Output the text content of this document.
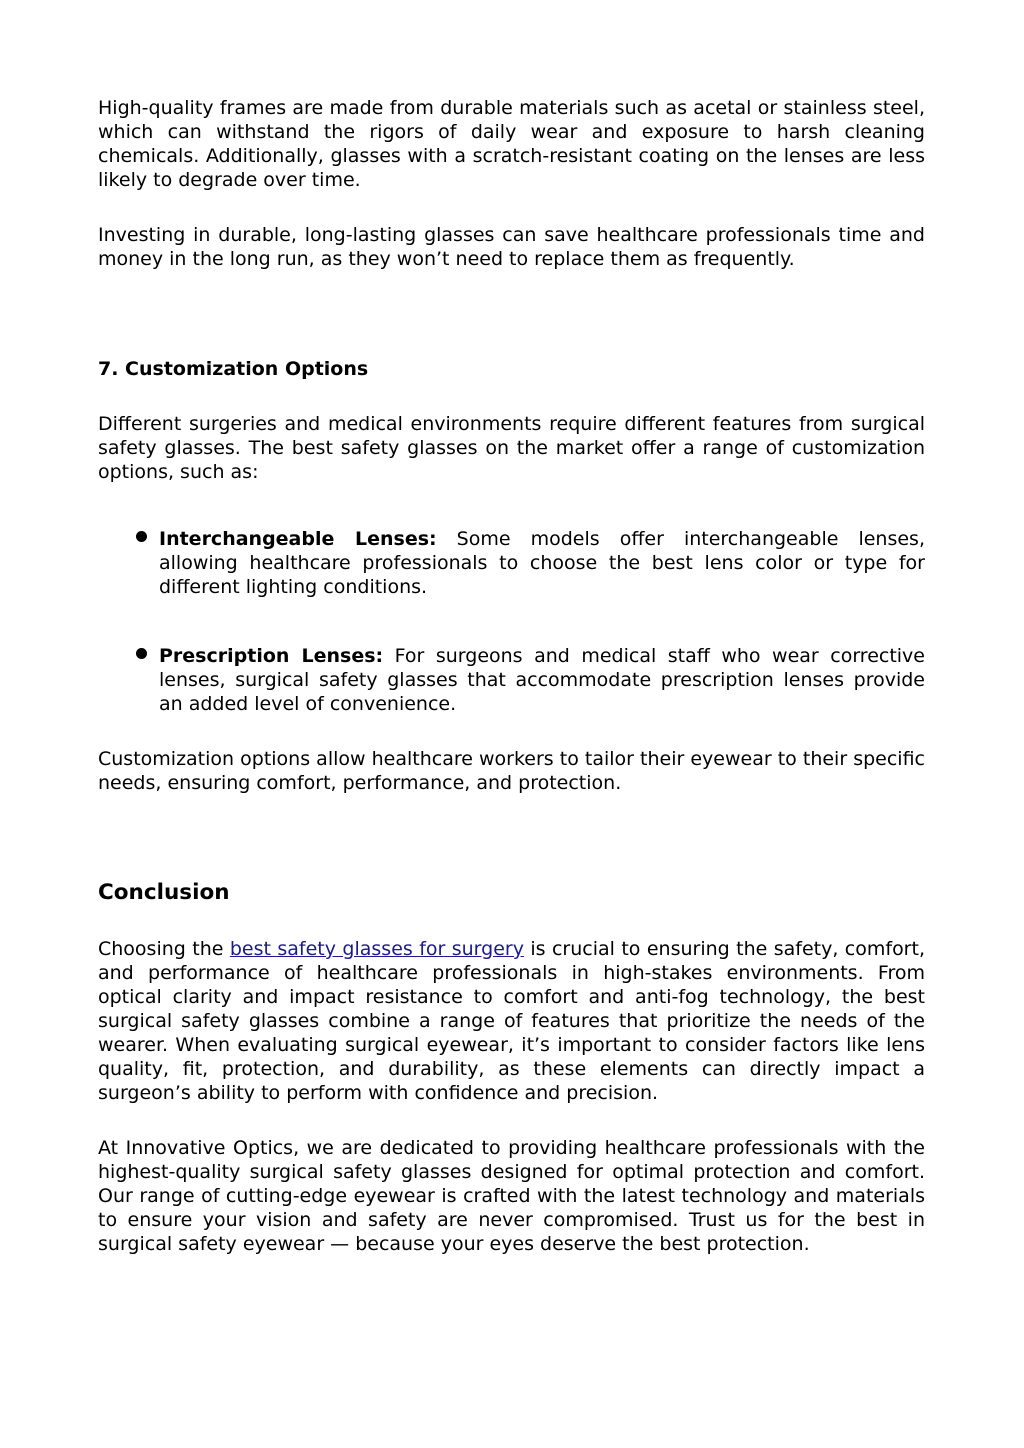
High-quality frames are made from durable materials such as acetal or stainless steel, which can withstand the rigors of daily wear and exposure to harsh cleaning chemicals. Additionally, glasses with a scratch-resistant coating on the lenses are less likely to degrade over time.

Investing in durable, long-lasting glasses can save healthcare professionals time and money in the long run, as they won’t need to replace them as frequently.

7. Customization Options

Different surgeries and medical environments require different features from surgical safety glasses. The best safety glasses on the market offer a range of customization options, such as:

Interchangeable Lenses: Some models offer interchangeable lenses, allowing healthcare professionals to choose the best lens color or type for different lighting conditions.
Prescription Lenses: For surgeons and medical staff who wear corrective lenses, surgical safety glasses that accommodate prescription lenses provide an added level of convenience.

Customization options allow healthcare workers to tailor their eyewear to their specific needs, ensuring comfort, performance, and protection.

Conclusion

Choosing the best safety glasses for surgery is crucial to ensuring the safety, comfort, and performance of healthcare professionals in high-stakes environments. From optical clarity and impact resistance to comfort and anti-fog technology, the best surgical safety glasses combine a range of features that prioritize the needs of the wearer. When evaluating surgical eyewear, it’s important to consider factors like lens quality, fit, protection, and durability, as these elements can directly impact a surgeon’s ability to perform with confidence and precision.

At Innovative Optics, we are dedicated to providing healthcare professionals with the highest-quality surgical safety glasses designed for optimal protection and comfort. Our range of cutting-edge eyewear is crafted with the latest technology and materials to ensure your vision and safety are never compromised. Trust us for the best in surgical safety eyewear — because your eyes deserve the best protection.
